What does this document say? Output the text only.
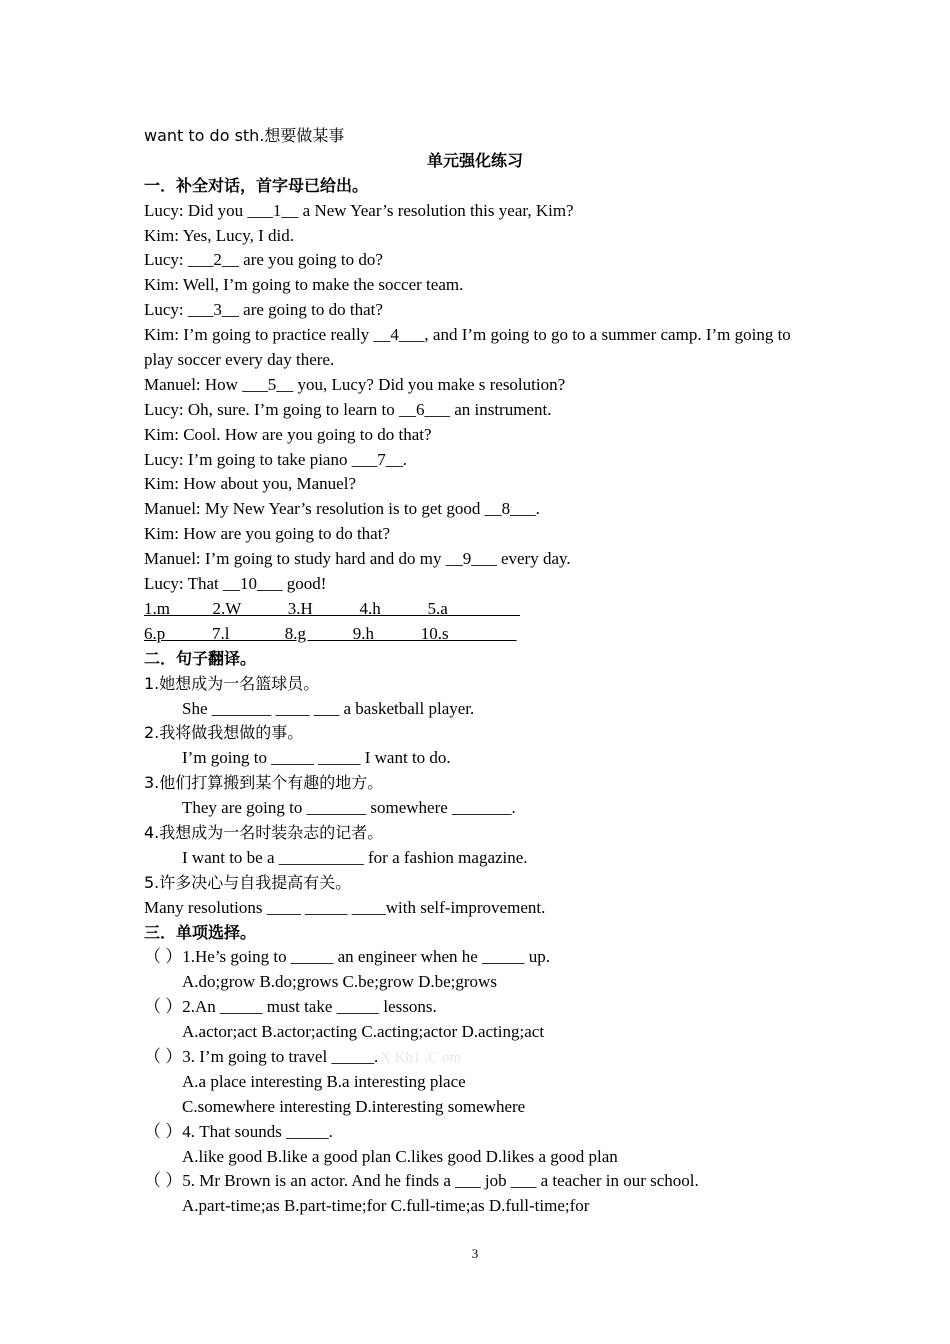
want to do sth.想要做某事
单元强化练习
一．补全对话，首字母已给出。
Lucy: Did you ___1__ a New Year’s resolution this year, Kim?
Kim: Yes, Lucy, I did.
Lucy: ___2__ are you going to do?
Kim: Well, I’m going to make the soccer team.
Lucy: ___3__ are going to do that?
Kim: I’m going to practice really __4___, and I’m going to go to a summer camp. I’m going to play soccer every day there.
Manuel: How ___5__ you, Lucy? Did you make s resolution?
Lucy: Oh, sure. I’m going to learn to __6___ an instrument.
Kim: Cool. How are you going to do that?
Lucy: I’m going to take piano ___7__.
Kim: How about you, Manuel?
Manuel: My New Year’s resolution is to get good __8___.
Kim: How are you going to do that?
Manuel: I’m going to study hard and do my __9___ every day.
Lucy: That __10___ good!
1.m          2.W           3.H           4.h           5.a
6.p           7.l             8.g           9.h           10.s
二．句子翻译。
1.她想成为一名篮球员。
She _______ ____ ___ a basketball player.
2.我将做我想做的事。
I’m going to _____ _____ I want to do.
3.他们打算搬到某个有趣的地方。
They are going to _______ somewhere _______.
4.我想成为一名时装杂志的记者。
I want to be a __________ for a fashion magazine.
5.许多决心与自我提高有关。
Many resolutions ____ _____ ____with self-improvement.
三．单项选择。
（ ）1.He’s going to _____ an engineer when he _____ up.
A.do;grow B.do;grows C.be;grow D.be;grows
（ ）2.An _____ must take _____ lessons.
A.actor;act B.actor;acting C.acting;actor D.acting;act
（ ）3. I’m going to travel _____. X Kb1 .C om
A.a place interesting B.a interesting place
C.somewhere interesting D.interesting somewhere
（ ）4. That sounds _____.
A.like good B.like a good plan C.likes good D.likes a good plan
（ ）5. Mr Brown is an actor. And he finds a ___ job ___ a teacher in our school.
A.part-time;as B.part-time;for C.full-time;as D.full-time;for
3
